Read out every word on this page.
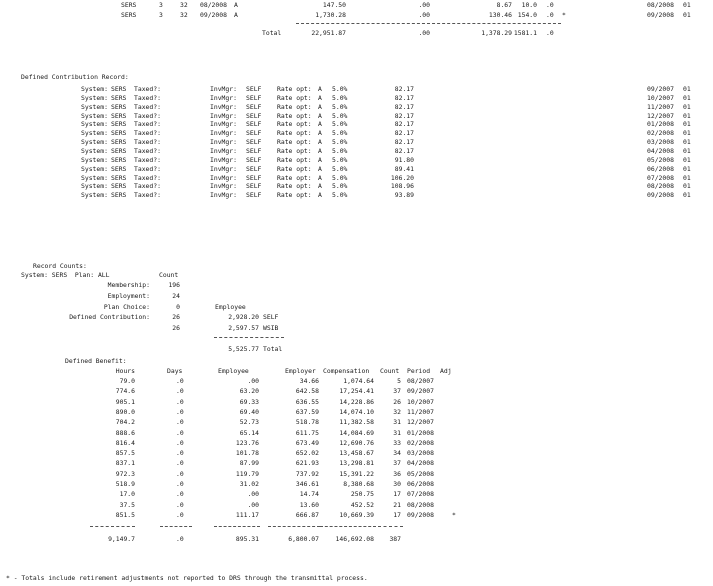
SERS	3	32 08/2008 A	147.50	.00	8.67	10.0 .0	08/2008 01
SERS	3	32 09/2008 A	1,730.28	.00	130.46 154.0 .0 *	09/2008 01
Total	22,951.87	.00	1,378.29 1581.1 .0
Defined Contribution Record:
System: SERS Taxed?:	InvMgr: SELF Rate opt: A 5.0%	82.17	09/2007 01
System: SERS Taxed?:	InvMgr: SELF Rate opt: A 5.0%	82.17	10/2007 01
System: SERS Taxed?:	InvMgr: SELF Rate opt: A 5.0%	82.17	11/2007 01
System: SERS Taxed?:	InvMgr: SELF Rate opt: A 5.0%	82.17	12/2007 01
System: SERS Taxed?:	InvMgr: SELF Rate opt: A 5.0%	82.17	01/2008 01
System: SERS Taxed?:	InvMgr: SELF Rate opt: A 5.0%	82.17	02/2008 01
System: SERS Taxed?:	InvMgr: SELF Rate opt: A 5.0%	82.17	03/2008 01
System: SERS Taxed?:	InvMgr: SELF Rate opt: A 5.0%	82.17	04/2008 01
System: SERS Taxed?:	InvMgr: SELF Rate opt: A 5.0%	91.80	05/2008 01
System: SERS Taxed?:	InvMgr: SELF Rate opt: A 5.0%	89.41	06/2008 01
System: SERS Taxed?:	InvMgr: SELF Rate opt: A 5.0%	106.20	07/2008 01
System: SERS Taxed?:	InvMgr: SELF Rate opt: A 5.0%	108.96	08/2008 01
System: SERS Taxed?:	InvMgr: SELF Rate opt: A 5.0%	93.89	09/2008 01
Record Counts:
System: SERS  Plan: ALL	Count
Membership:	196
Employment:	24
Plan Choice:	0	Employee
Defined Contribution:	26	2,928.20 SELF
26	2,597.57 WSIB
5,525.77 Total
Defined Benefit:
Hours	Days	Employee	Employer Compensation Count Period Adj
79.0	.0	.00	34.66	1,074.64	5 08/2007
774.6	.0	63.20	642.58	17,254.41	37 09/2007
905.1	.0	69.33	636.55	14,228.86	26 10/2007
890.0	.0	69.40	637.59	14,074.10	32 11/2007
704.2	.0	52.73	518.78	11,382.58	31 12/2007
888.6	.0	65.14	611.75	14,084.69	31 01/2008
816.4	.0	123.76	673.49	12,690.76	33 02/2008
857.5	.0	101.78	652.02	13,458.67	34 03/2008
837.1	.0	87.99	621.93	13,298.81	37 04/2008
972.3	.0	119.79	737.92	15,391.22	36 05/2008
518.9	.0	31.02	346.61	8,380.68	30 06/2008
17.0	.0	.00	14.74	250.75	17 07/2008
37.5	.0	.00	13.60	452.52	21 08/2008
851.5	.0	111.17	666.87	10,669.39	17 09/2008	*
9,149.7	.0	895.31	6,800.07	146,692.08	387
* - Totals include retirement adjustments not reported to DRS through the transmittal process.
